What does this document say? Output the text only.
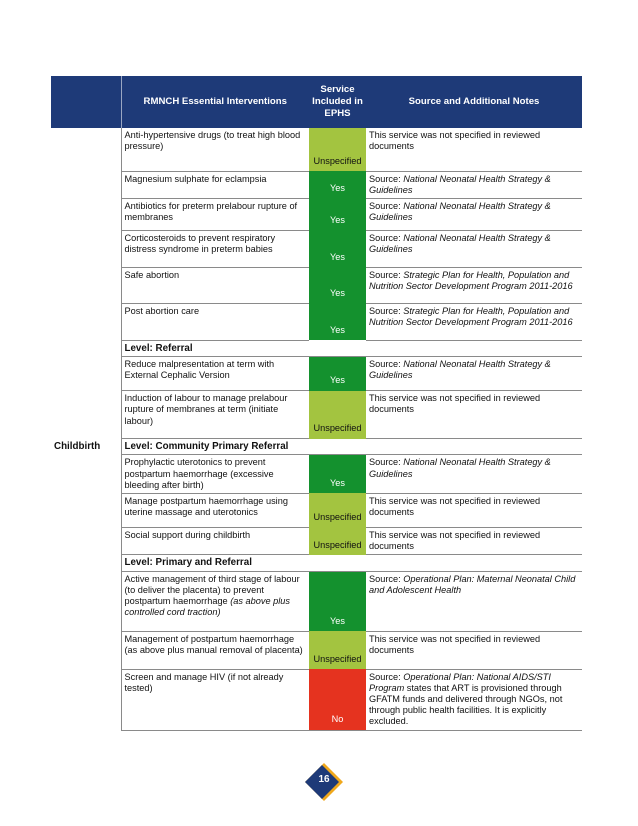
	RMNCH Essential Interventions	Service Included in EPHS	Source and Additional Notes
	Anti-hypertensive drugs (to treat high blood pressure)	Unspecified	This service was not specified in reviewed documents
	Magnesium sulphate for eclampsia	Yes	Source: National Neonatal Health Strategy & Guidelines
	Antibiotics for preterm prelabour rupture of membranes	Yes	Source: National Neonatal Health Strategy & Guidelines
	Corticosteroids to prevent respiratory distress syndrome in preterm babies	Yes	Source: National Neonatal Health Strategy & Guidelines
	Safe abortion	Yes	Source: Strategic Plan for Health, Population and Nutrition Sector Development Program 2011-2016
	Post abortion care	Yes	Source: Strategic Plan for Health, Population and Nutrition Sector Development Program 2011-2016
	Level: Referral		
	Reduce malpresentation at term with External Cephalic Version	Yes	Source: National Neonatal Health Strategy & Guidelines
	Induction of labour to manage prelabour rupture of membranes at term (initiate labour)	Unspecified	This service was not specified in reviewed documents
Childbirth	Level: Community Primary Referral		
	Prophylactic uterotonics to prevent postpartum haemorrhage (excessive bleeding after birth)	Yes	Source: National Neonatal Health Strategy & Guidelines
	Manage postpartum haemorrhage using uterine massage and uterotonics	Unspecified	This service was not specified in reviewed documents
	Social support during childbirth	Unspecified	This service was not specified in reviewed documents
	Level: Primary and Referral		
	Active management of third stage of labour (to deliver the placenta) to prevent postpartum haemorrhage (as above plus controlled cord traction)	Yes	Source: Operational Plan: Maternal Neonatal Child and Adolescent Health
	Management of postpartum haemorrhage (as above plus manual removal of placenta)	Unspecified	This service was not specified in reviewed documents
	Screen and manage HIV (if not already tested)	No	Source: Operational Plan: National AIDS/STI Program states that ART is provisioned through GFATM funds and delivered through NGOs, not through public health facilities. It is explicitly excluded.
16
